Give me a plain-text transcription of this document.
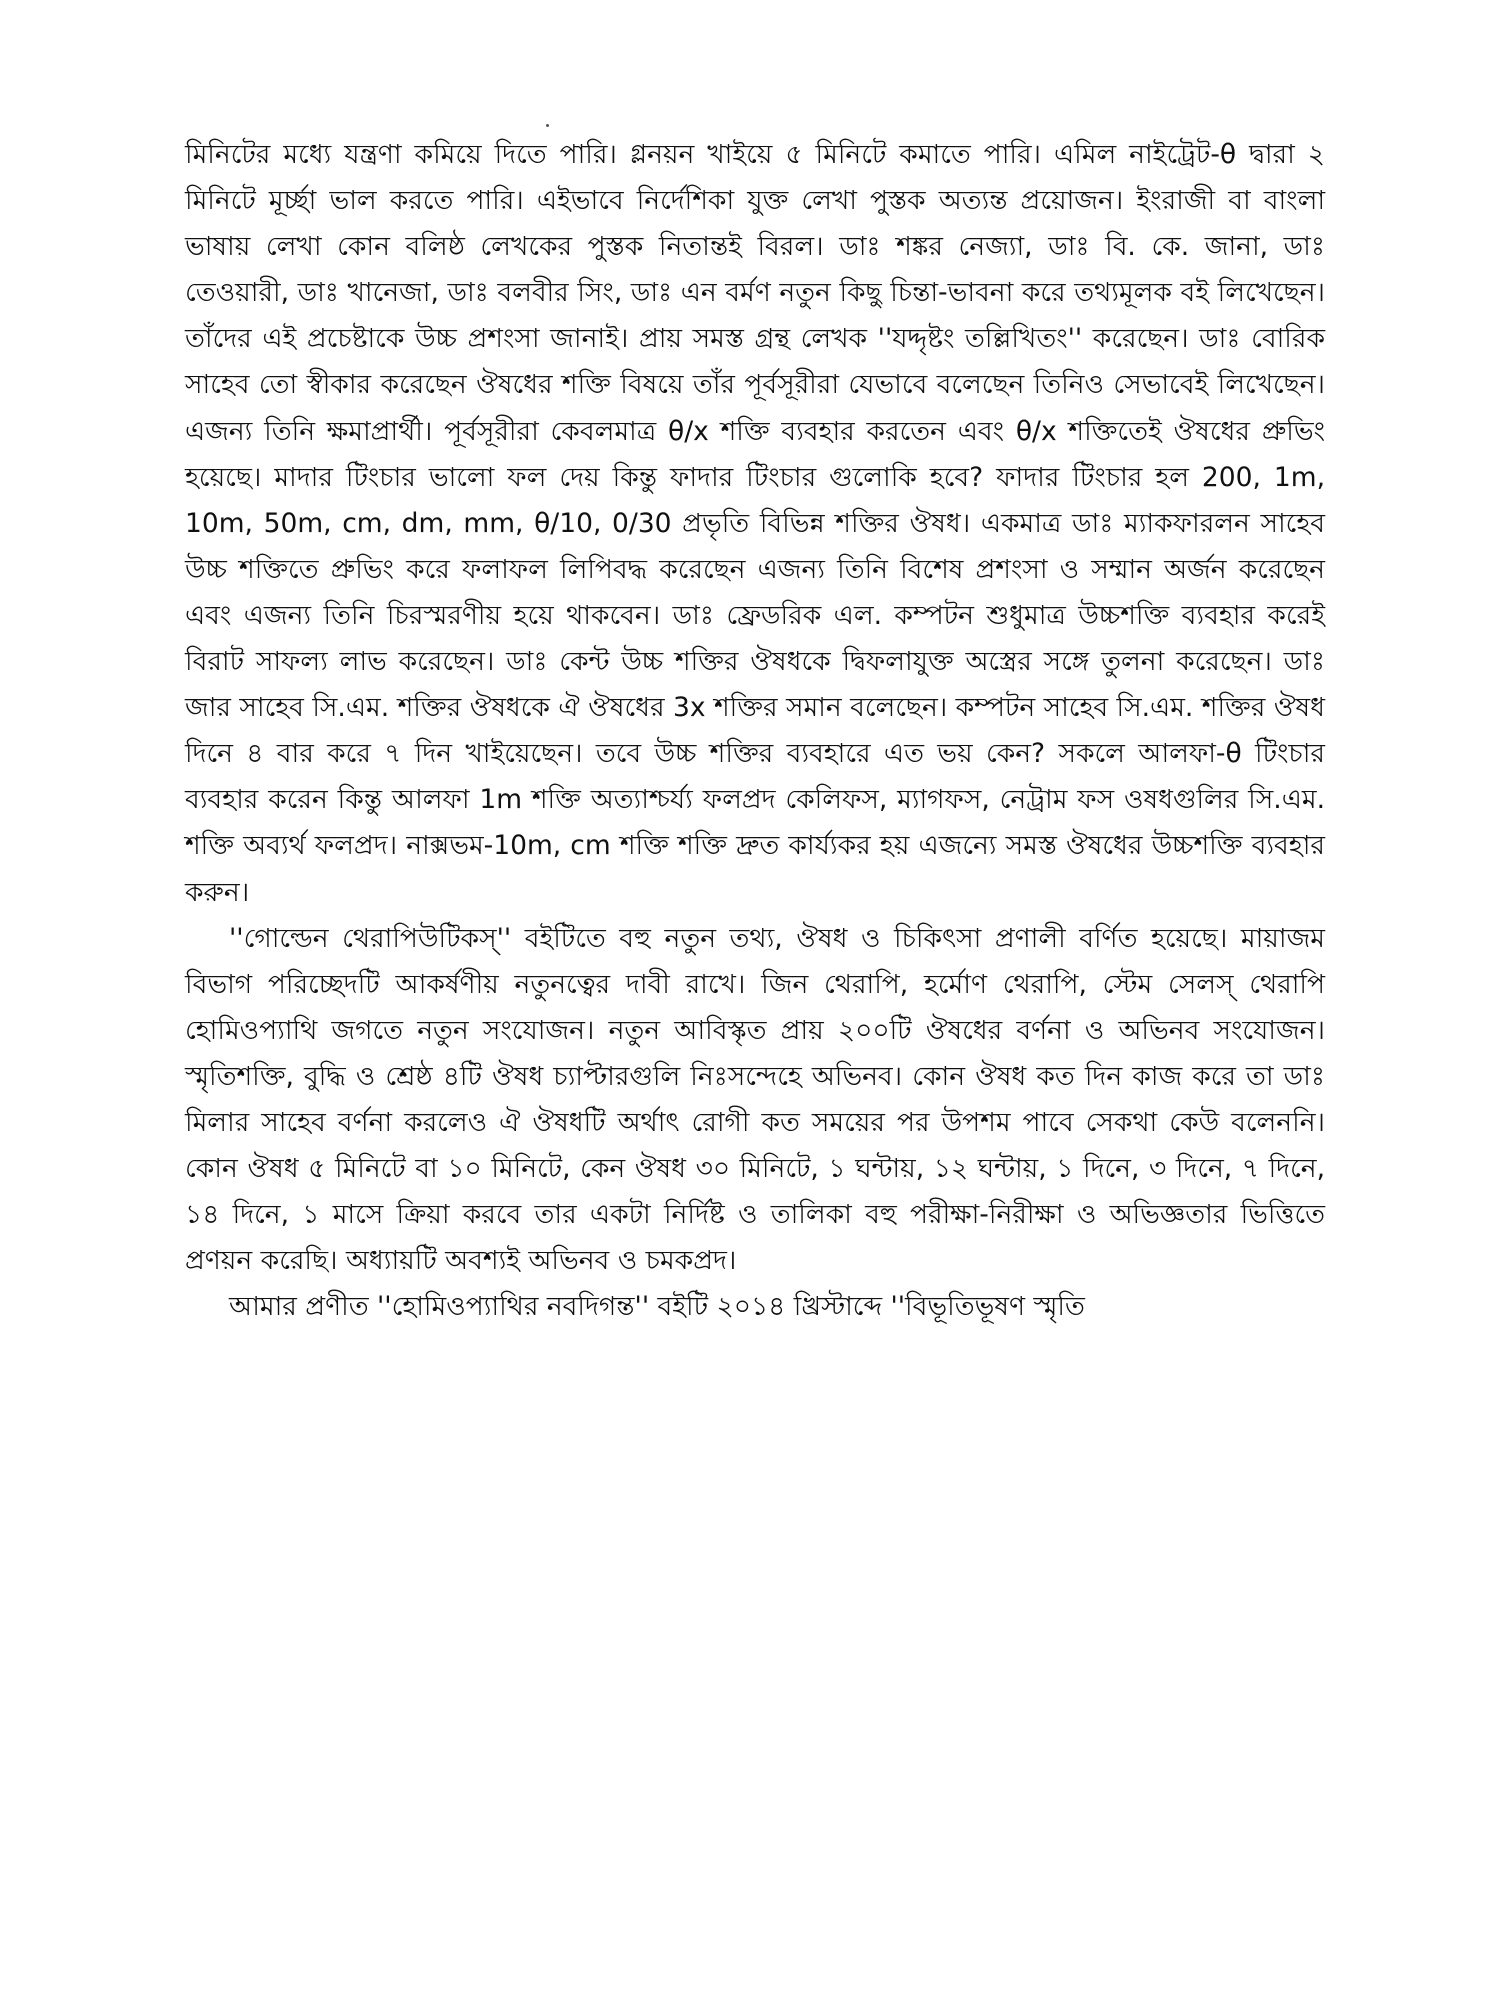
মিনিটের মধ্যে যন্ত্রণা কমিয়ে দিতে পারি। গ্লনয়ন খাইয়ে ৫ মিনিটে কমাতে পারি। এমিল নাইট্রেট-θ দ্বারা ২ মিনিটে মূর্চ্ছা ভাল করতে পারি। এইভাবে নির্দেশিকা যুক্ত লেখা পুস্তক অত্যন্ত প্রয়োজন। ইংরাজী বা বাংলা ভাষায় লেখা কোন বলিষ্ঠ লেখকের পুস্তক নিতান্তই বিরল। ডাঃ শঙ্কর নেজ্যা, ডাঃ বি. কে. জানা, ডাঃ তেওয়ারী, ডাঃ খানেজা, ডাঃ বলবীর সিং, ডাঃ এন বর্মণ নতুন কিছু চিন্তা-ভাবনা করে তথ্যমূলক বই লিখেছেন। তাঁদের এই প্রচেষ্টাকে উচ্চ প্রশংসা জানাই। প্রায় সমস্ত গ্রন্থ লেখক ''যদ্দৃষ্টং তল্লিখিতং'' করেছেন। ডাঃ বোরিক সাহেব তো স্বীকার করেছেন ঔষধের শক্তি বিষয়ে তাঁর পূর্বসূরীরা যেভাবে বলেছেন তিনিও সেভাবেই লিখেছেন। এজন্য তিনি ক্ষমাপ্রার্থী। পূর্বসূরীরা কেবলমাত্র θ/x শক্তি ব্যবহার করতেন এবং θ/x শক্তিতেই ঔষধের প্রুভিং হয়েছে। মাদার টিংচার ভালো ফল দেয় কিন্তু ফাদার টিংচার গুলোকি হবে? ফাদার টিংচার হল 200, 1m, 10m, 50m, cm, dm, mm, θ/10, 0/30 প্রভৃতি বিভিন্ন শক্তির ঔষধ। একমাত্র ডাঃ ম্যাকফারলন সাহেব উচ্চ শক্তিতে প্রুভিং করে ফলাফল লিপিবদ্ধ করেছেন এজন্য তিনি বিশেষ প্রশংসা ও সম্মান অর্জন করেছেন এবং এজন্য তিনি চিরস্মরণীয় হয়ে থাকবেন। ডাঃ ফ্রেডরিক এল. কম্পটন শুধুমাত্র উচ্চশক্তি ব্যবহার করেই বিরাট সাফল্য লাভ করেছেন। ডাঃ কেন্ট উচ্চ শক্তির ঔষধকে দ্বিফলাযুক্ত অস্ত্রের সঙ্গে তুলনা করেছেন। ডাঃ জার সাহেব সি.এম. শক্তির ঔষধকে ঐ ঔষধের 3x শক্তির সমান বলেছেন। কম্পটন সাহেব সি.এম. শক্তির ঔষধ দিনে ৪ বার করে ৭ দিন খাইয়েছেন। তবে উচ্চ শক্তির ব্যবহারে এত ভয় কেন? সকলে আলফা-θ টিংচার ব্যবহার করেন কিন্তু আলফা 1m শক্তি অত্যাশ্চর্য্য ফলপ্রদ কেলিফস, ম্যাগফস, নেট্রাম ফস ওষধগুলির সি.এম. শক্তি অব্যর্থ ফলপ্রদ। নাক্সভম-10m, cm শক্তি শক্তি দ্রুত কার্য্যকর হয় এজন্যে সমস্ত ঔষধের উচ্চশক্তি ব্যবহার করুন।

''গোল্ডেন থেরাপিউটিকস্'' বইটিতে বহু নতুন তথ্য, ঔষধ ও চিকিৎসা প্রণালী বর্ণিত হয়েছে। মায়াজম বিভাগ পরিচ্ছেদটি আকর্ষণীয় নতুনত্বের দাবী রাখে। জিন থেরাপি, হর্মোণ থেরাপি, স্টেম সেলস্ থেরাপি হোমিওপ্যাথি জগতে নতুন সংযোজন। নতুন আবিস্কৃত প্রায় ২০০টি ঔষধের বর্ণনা ও অভিনব সংযোজন। স্মৃতিশক্তি, বুদ্ধি ও শ্রেষ্ঠ ৪টি ঔষধ চ্যাপ্টারগুলি নিঃসন্দেহে অভিনব। কোন ঔষধ কত দিন কাজ করে তা ডাঃ মিলার সাহেব বর্ণনা করলেও ঐ ঔষধটি অর্থাৎ রোগী কত সময়ের পর উপশম পাবে সেকথা কেউ বলেননি। কোন ঔষধ ৫ মিনিটে বা ১০ মিনিটে, কেন ঔষধ ৩০ মিনিটে, ১ ঘন্টায়, ১২ ঘন্টায়, ১ দিনে, ৩ দিনে, ৭ দিনে, ১৪ দিনে, ১ মাসে ক্রিয়া করবে তার একটা নির্দিষ্ট ও তালিকা বহু পরীক্ষা-নিরীক্ষা ও অভিজ্ঞতার ভিত্তিতে প্রণয়ন করেছি। অধ্যায়টি অবশ্যই অভিনব ও চমকপ্রদ।

আমার প্রণীত ''হোমিওপ্যাথির নবদিগন্ত'' বইটি ২০১৪ খ্রিস্টাব্দে ''বিভূতিভূষণ স্মৃতি
